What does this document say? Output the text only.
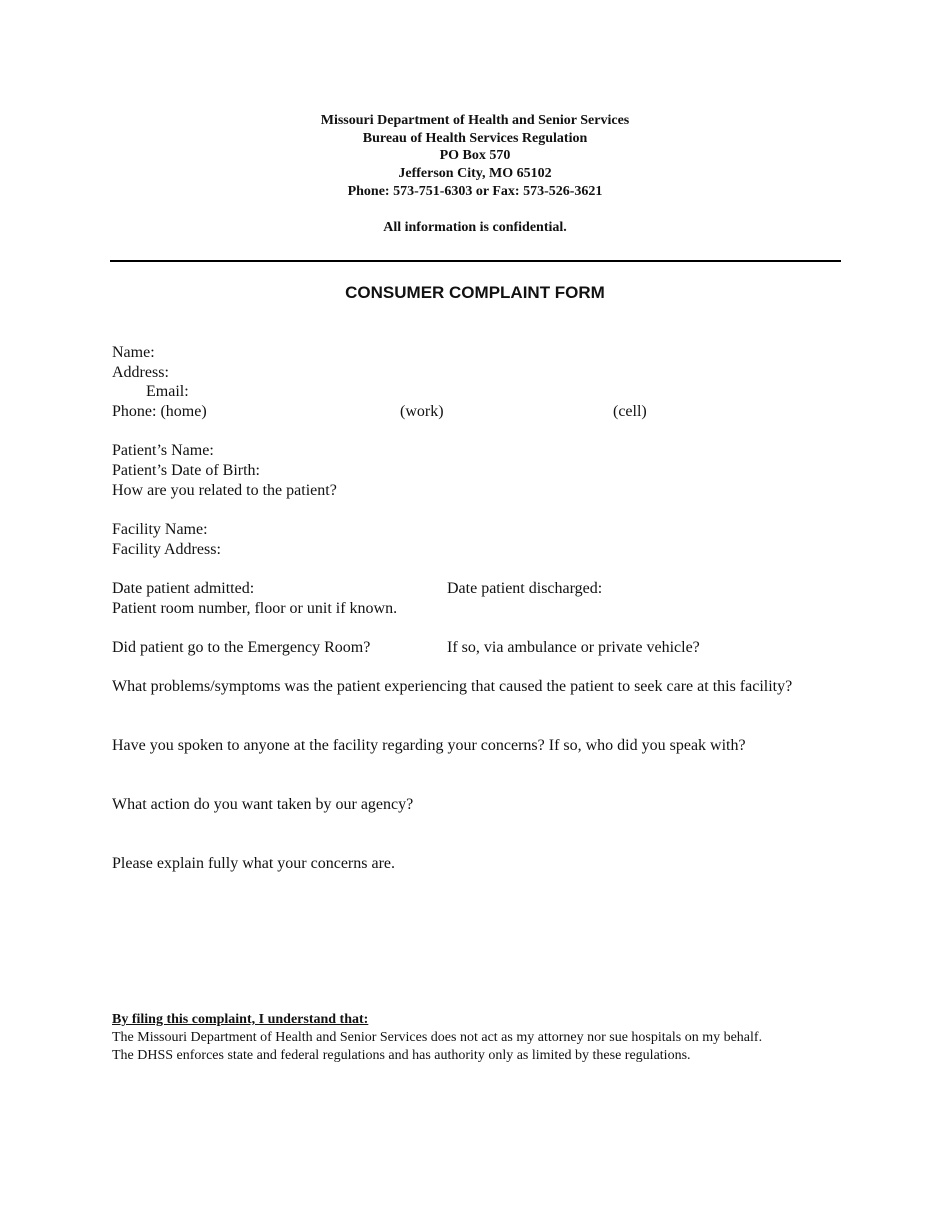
Missouri Department of Health and Senior Services
Bureau of Health Services Regulation
PO Box 570
Jefferson City, MO 65102
Phone: 573-751-6303 or Fax: 573-526-3621
All information is confidential.
CONSUMER COMPLAINT FORM
Name:
Address:
Email:
Phone: (home)	(work)	(cell)
Patient’s Name:
Patient’s Date of Birth:
How are you related to the patient?
Facility Name:
Facility Address:
Date patient admitted:	Date patient discharged:
Patient room number, floor or unit if known.
Did patient go to the Emergency Room?	If so, via ambulance or private vehicle?
What problems/symptoms was the patient experiencing that caused the patient to seek care at this facility?
Have you spoken to anyone at the facility regarding your concerns? If so, who did you speak with?
What action do you want taken by our agency?
Please explain fully what your concerns are.
By filing this complaint, I understand that:
The Missouri Department of Health and Senior Services does not act as my attorney nor sue hospitals on my behalf.
The DHSS enforces state and federal regulations and has authority only as limited by these regulations.
